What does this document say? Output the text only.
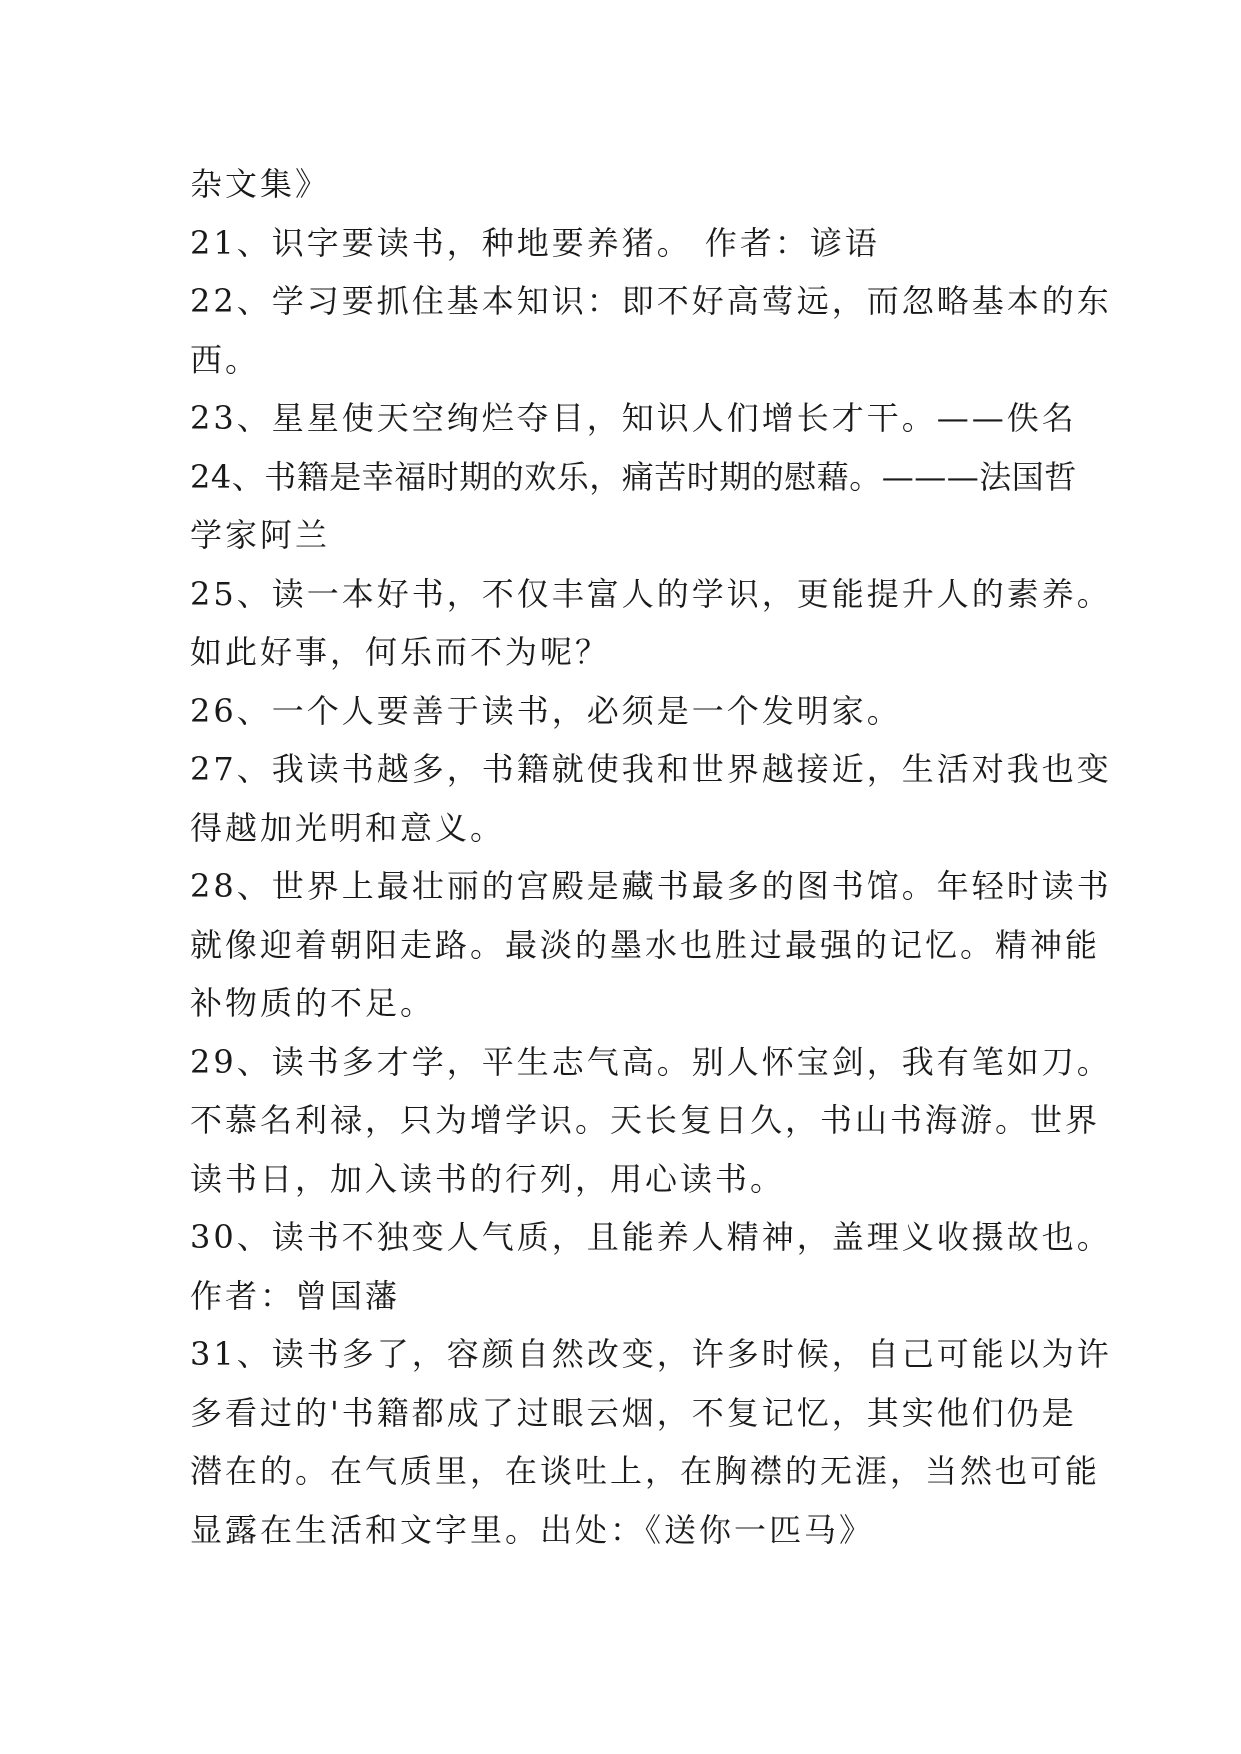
杂文集》
21、识字要读书，种地要养猪。 作者：谚语
22、学习要抓住基本知识：即不好高莺远，而忽略基本的东
西。
23、星星使天空绚烂夺目，知识人们增长才干。——佚名
24、书籍是幸福时期的欢乐，痛苦时期的慰藉。———法国哲
学家阿兰
25、读一本好书，不仅丰富人的学识，更能提升人的素养。
如此好事，何乐而不为呢？
26、一个人要善于读书，必须是一个发明家。
27、我读书越多，书籍就使我和世界越接近，生活对我也变
得越加光明和意义。
28、世界上最壮丽的宫殿是藏书最多的图书馆。年轻时读书
就像迎着朝阳走路。最淡的墨水也胜过最强的记忆。精神能
补物质的不足。
29、读书多才学，平生志气高。别人怀宝剑，我有笔如刀。
不慕名利禄，只为增学识。天长复日久，书山书海游。世界
读书日，加入读书的行列，用心读书。
30、读书不独变人气质，且能养人精神，盖理义收摄故也。
作者：曾国藩
31、读书多了，容颜自然改变，许多时候，自己可能以为许
多看过的'书籍都成了过眼云烟，不复记忆，其实他们仍是
潜在的。在气质里，在谈吐上，在胸襟的无涯，当然也可能
显露在生活和文字里。出处：《送你一匹马》
